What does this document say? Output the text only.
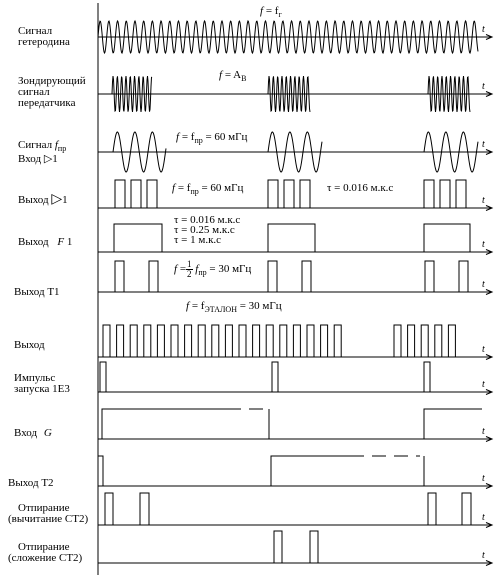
t
t
t
t
t
t
t
t
t
t
t
t
Сигнал
гетеродина
Зондирующий
сигнал
передатчика
Сигнал $f_{пр}$
Вход ▷1
Выход ▷1
Выход F 1
Выход Т1
Выход
Импульс
запуска 1Е3
Вход G
Выход Т2
Отпирание
(вычитание СТ2)
Отпирание
(сложение СТ2)
$f = f_г$
$f = A_В$
$f = f_{пр} = 60$ мГц
$f = f_{пр} = 60$ мГц	τ = 0.016 м.к.с
τ = 0.016 м.к.с
τ = 0.25 м.к.с
τ = 1 м.к.с
$f = \frac{1}{2} f_{пр} = 30$ мГц
$f = f_{ЭТАЛОН} = 30$ мГц
